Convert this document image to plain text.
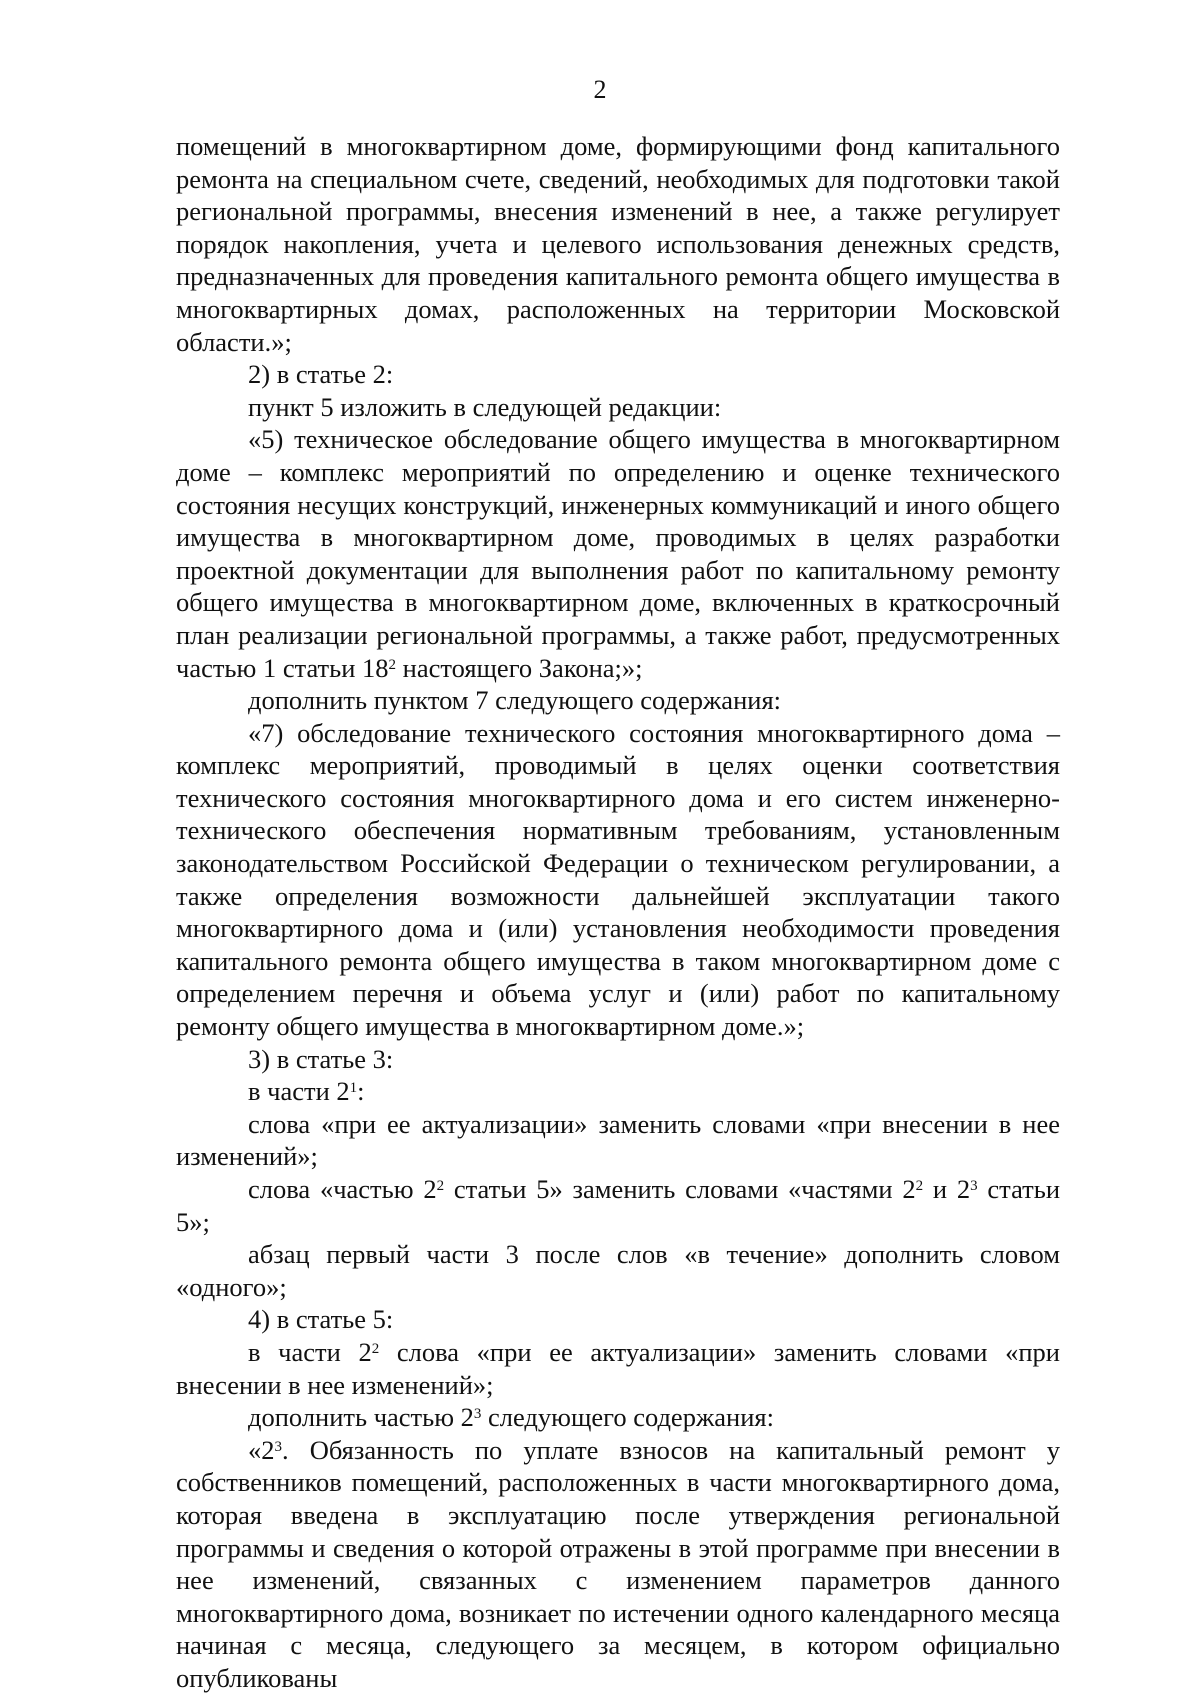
2

помещений в многоквартирном доме, формирующими фонд капитального ремонта на специальном счете, сведений, необходимых для подготовки такой региональной программы, внесения изменений в нее, а также регулирует порядок накопления, учета и целевого использования денежных средств, предназначенных для проведения капитального ремонта общего имущества в многоквартирных домах, расположенных на территории Московской области.»;

2) в статье 2:

пункт 5 изложить в следующей редакции:

«5) техническое обследование общего имущества в многоквартирном доме – комплекс мероприятий по определению и оценке технического состояния несущих конструкций, инженерных коммуникаций и иного общего имущества в многоквартирном доме, проводимых в целях разработки проектной документации для выполнения работ по капитальному ремонту общего имущества в многоквартирном доме, включенных в краткосрочный план реализации региональной программы, а также работ, предусмотренных частью 1 статьи $18^2$ настоящего Закона;»;

дополнить пунктом 7 следующего содержания:

«7) обследование технического состояния многоквартирного дома – комплекс мероприятий, проводимый в целях оценки соответствия технического состояния многоквартирного дома и его систем инженерно-технического обеспечения нормативным требованиям, установленным законодательством Российской Федерации о техническом регулировании, а также определения возможности дальнейшей эксплуатации такого многоквартирного дома и (или) установления необходимости проведения капитального ремонта общего имущества в таком многоквартирном доме с определением перечня и объема услуг и (или) работ по капитальному ремонту общего имущества в многоквартирном доме.»;

3) в статье 3:

в части $2^1$:

слова «при ее актуализации» заменить словами «при внесении в нее изменений»;

слова «частью $2^2$ статьи 5» заменить словами «частями $2^2$ и $2^3$ статьи 5»;

абзац первый части 3 после слов «в течение» дополнить словом «одного»;

4) в статье 5:

в части $2^2$ слова «при ее актуализации» заменить словами «при внесении в нее изменений»;

дополнить частью $2^3$ следующего содержания:

«$2^3$. Обязанность по уплате взносов на капитальный ремонт у собственников помещений, расположенных в части многоквартирного дома, которая введена в эксплуатацию после утверждения региональной программы и сведения о которой отражены в этой программе при внесении в нее изменений, связанных с изменением параметров данного многоквартирного дома, возникает по истечении одного календарного месяца начиная с месяца, следующего за месяцем, в котором официально опубликованы
